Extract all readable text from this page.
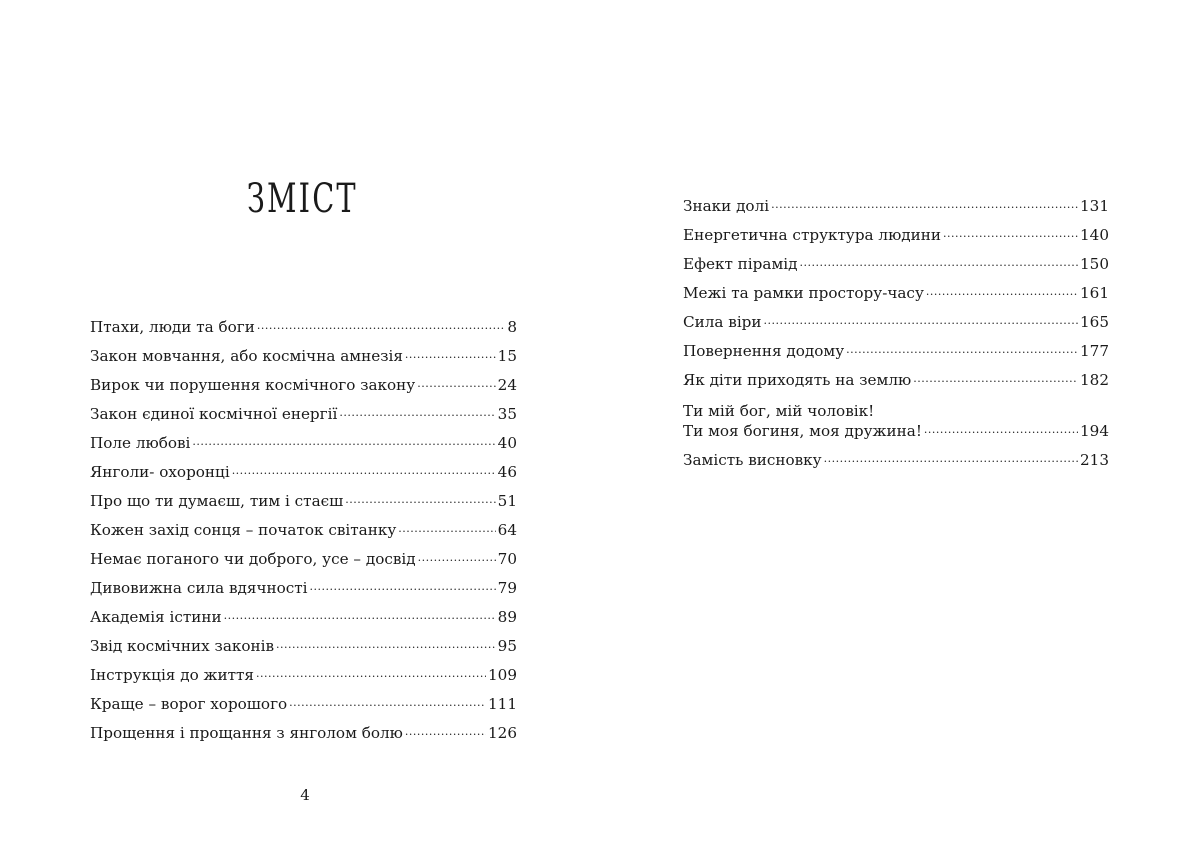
ЗМІСТ
Птахи, люди та боги .....	8
Закон мовчання, або космічна амнезія .....	15
Вирок чи порушення космічного закону .....	24
Закон єдиної космічної енергії .....	35
Поле любові .....	40
Янголи- охоронці .....	46
Про що ти думаєш, тим і стаєш .....	51
Кожен захід сонця – початок світанку .....	64
Немає поганого чи доброго, усе – досвід .....	70
Дивовижна сила вдячності .....	79
Академія істини .....	89
Звід космічних законів .....	95
Інструкція до життя .....	109
Краще – ворог хорошого .....	111
Прощення і прощання з янголом болю .....	126
4
Знаки долі .....	131
Енергетична структура людини .....	140
Ефект пірамід .....	150
Межі та рамки простору-часу .....	161
Сила віри .....	165
Повернення додому .....	177
Як діти приходять на землю .....	182
Ти мій бог, мій чоловік!
Ти моя богиня, моя дружина! .....	194
Замість висновку .....	213
